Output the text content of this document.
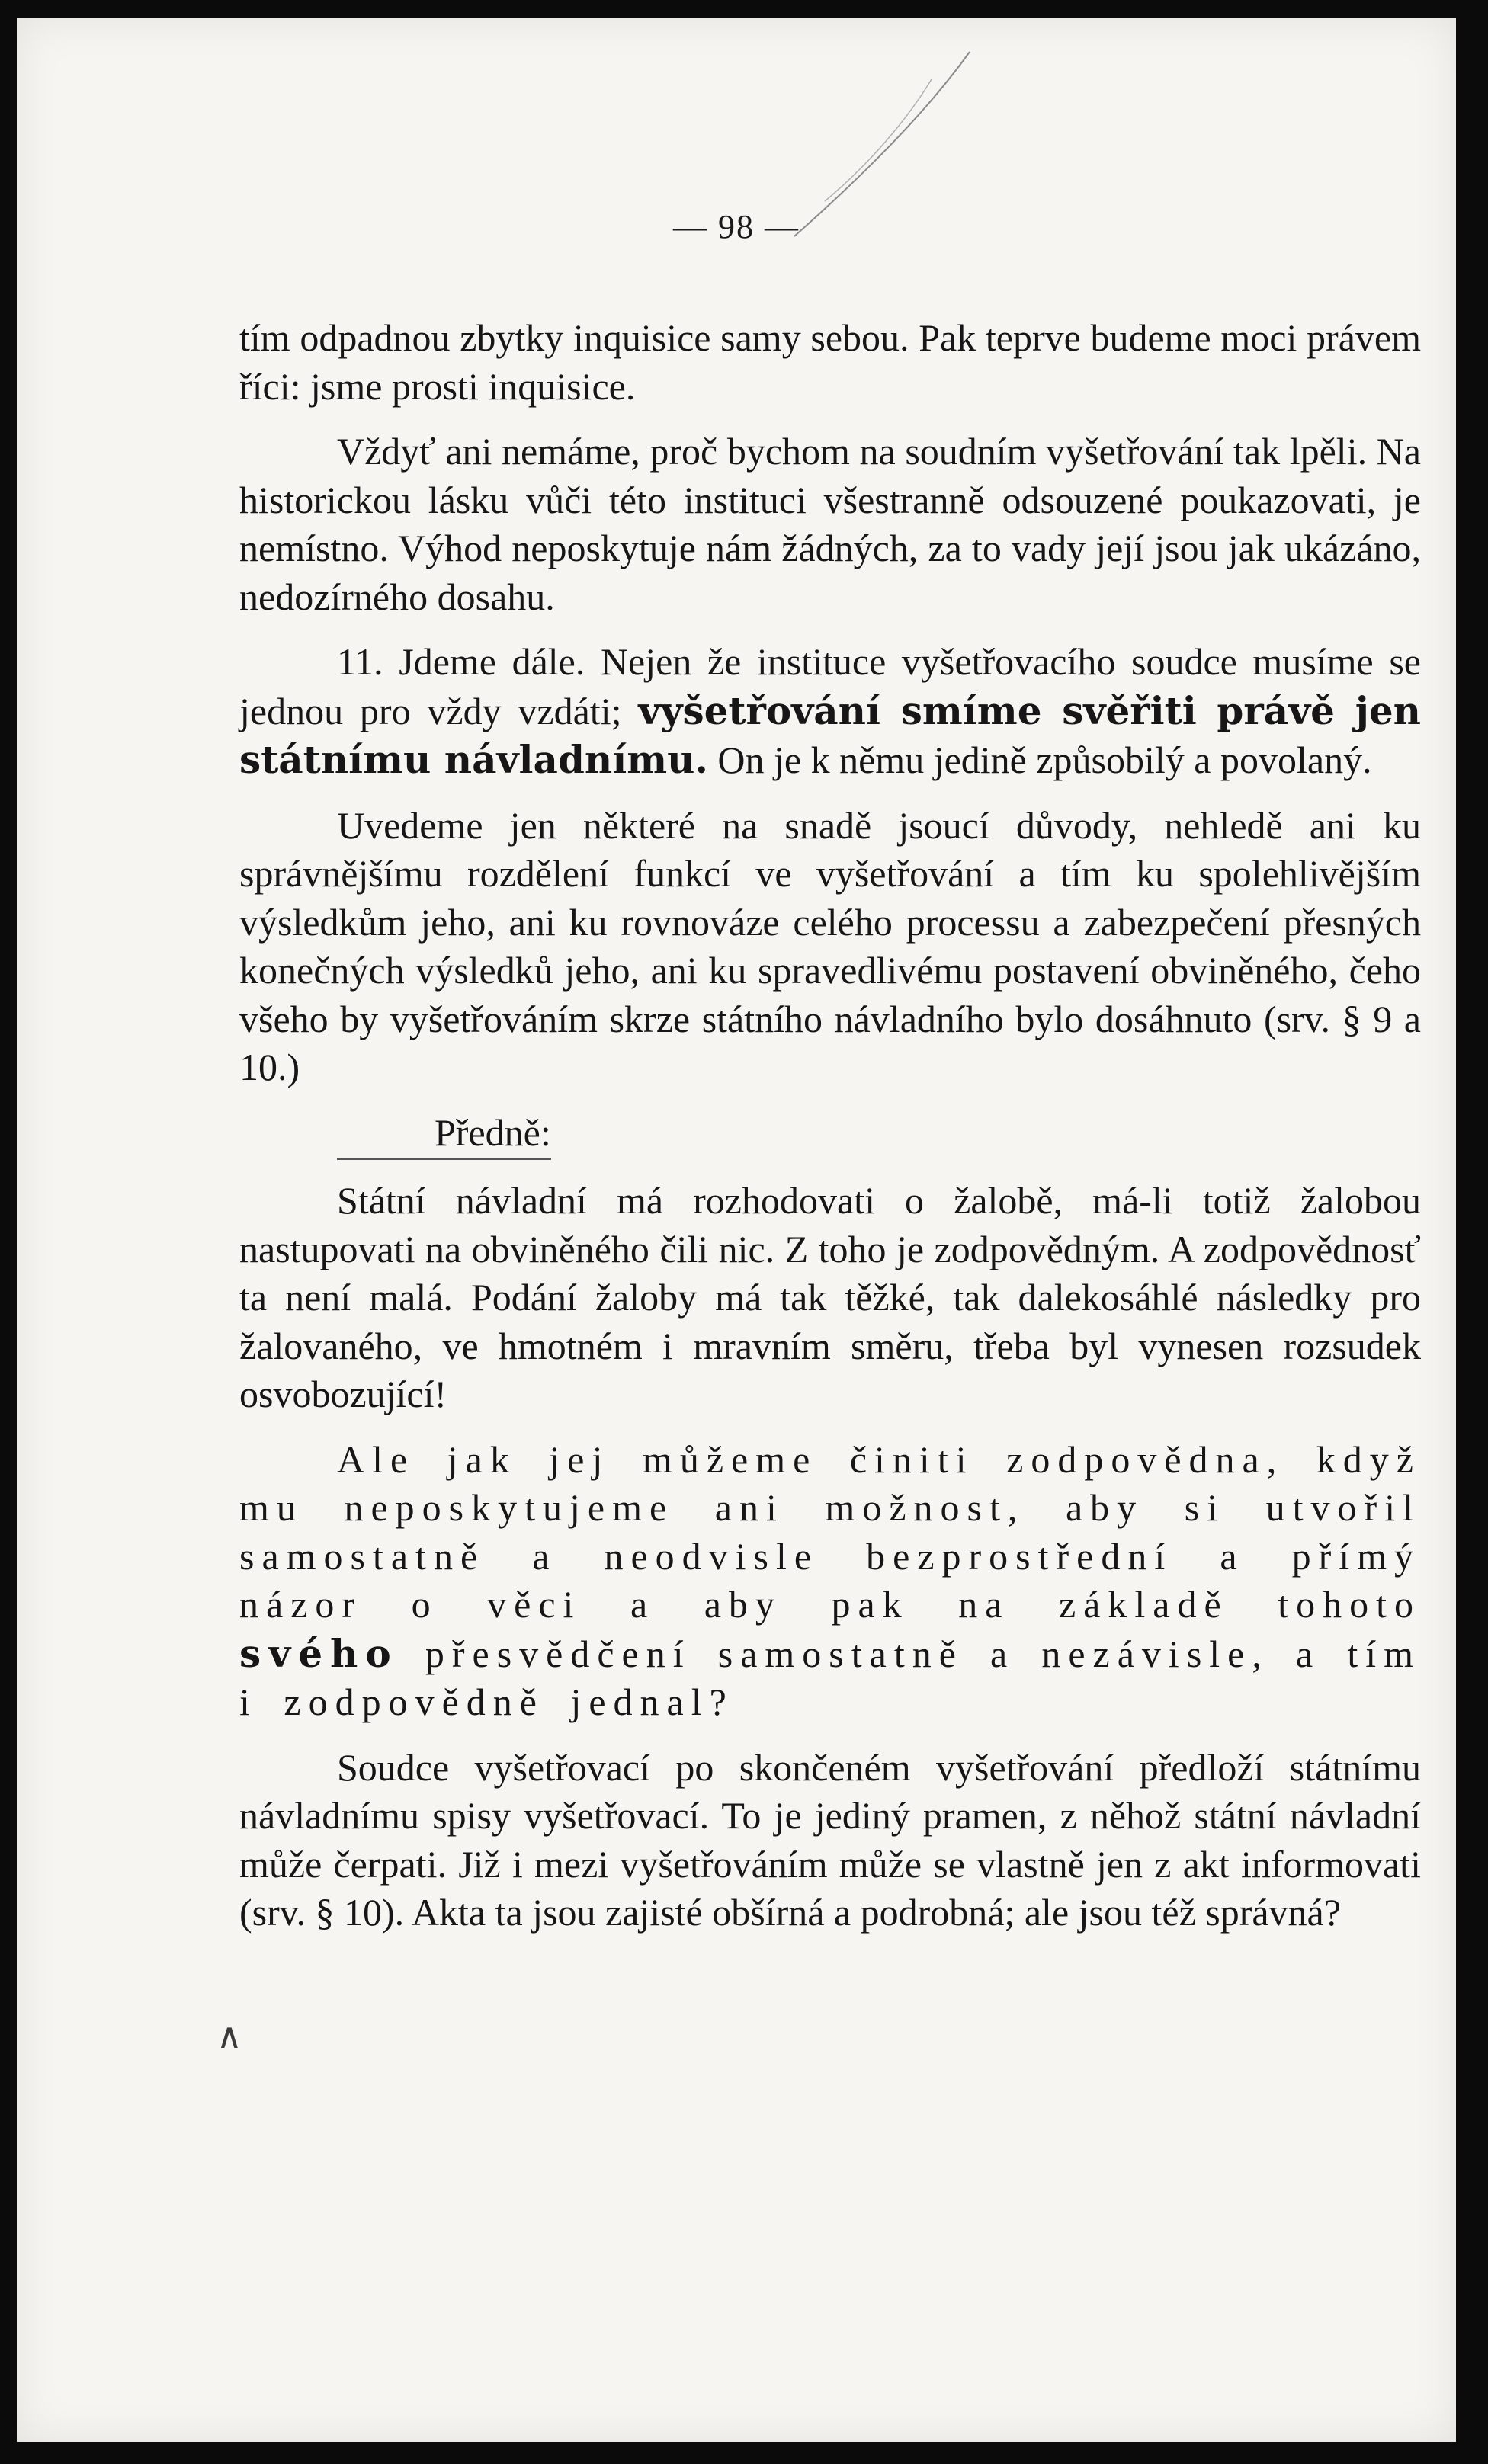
— 98 —

tím odpadnou zbytky inquisice samy sebou. Pak teprve budeme moci právem říci: jsme prosti inquisice.

Vždyť ani nemáme, proč bychom na soudním vyšetřování tak lpěli. Na historickou lásku vůči této instituci všestranně odsouzené poukazovati, je nemístno. Výhod neposkytuje nám žádných, za to vady její jsou jak ukázáno, nedozírného dosahu.

11. Jdeme dále. Nejen že instituce vyšetřovacího soudce musíme se jednou pro vždy vzdáti; vyšetřování smíme svěřiti právě jen státnímu návladnímu. On je k němu jedině způsobilý a povolaný.

Uvedeme jen některé na snadě jsoucí důvody, nehledě ani ku správnějšímu rozdělení funkcí ve vyšetřování a tím ku spolehlivějším výsledkům jeho, ani ku rovnováze celého processu a zabezpečení přesných konečných výsledků jeho, ani ku spravedlivému postavení obviněného, čeho všeho by vyšetřováním skrze státního návladního bylo dosáhnuto (srv. § 9 a 10.)

Předně:

Státní návladní má rozhodovati o žalobě, má-li totiž žalobou nastupovati na obviněného čili nic. Z toho je zodpovědným. A zodpovědnosť ta není malá. Podání žaloby má tak těžké, tak dalekosáhlé následky pro žalovaného, ve hmotném i mravním směru, třeba byl vynesen rozsudek osvobozující!

Ale jak jej můžeme činiti zodpovědna, když mu neposkytujeme ani možnost, aby si utvořil samostatně a neodvisle bezprostřední a přímý názor o věci a aby pak na základě tohoto svého přesvědčení samostatně a nezávisle, a tím i zodpovědně jednal?

Soudce vyšetřovací po skončeném vyšetřování předloží státnímu návladnímu spisy vyšetřovací. To je jediný pramen, z něhož státní návladní může čerpati. Již i mezi vyšetřováním může se vlastně jen z akt informovati (srv. § 10). Akta ta jsou zajisté obšírná a podrobná; ale jsou též správná?

∧
